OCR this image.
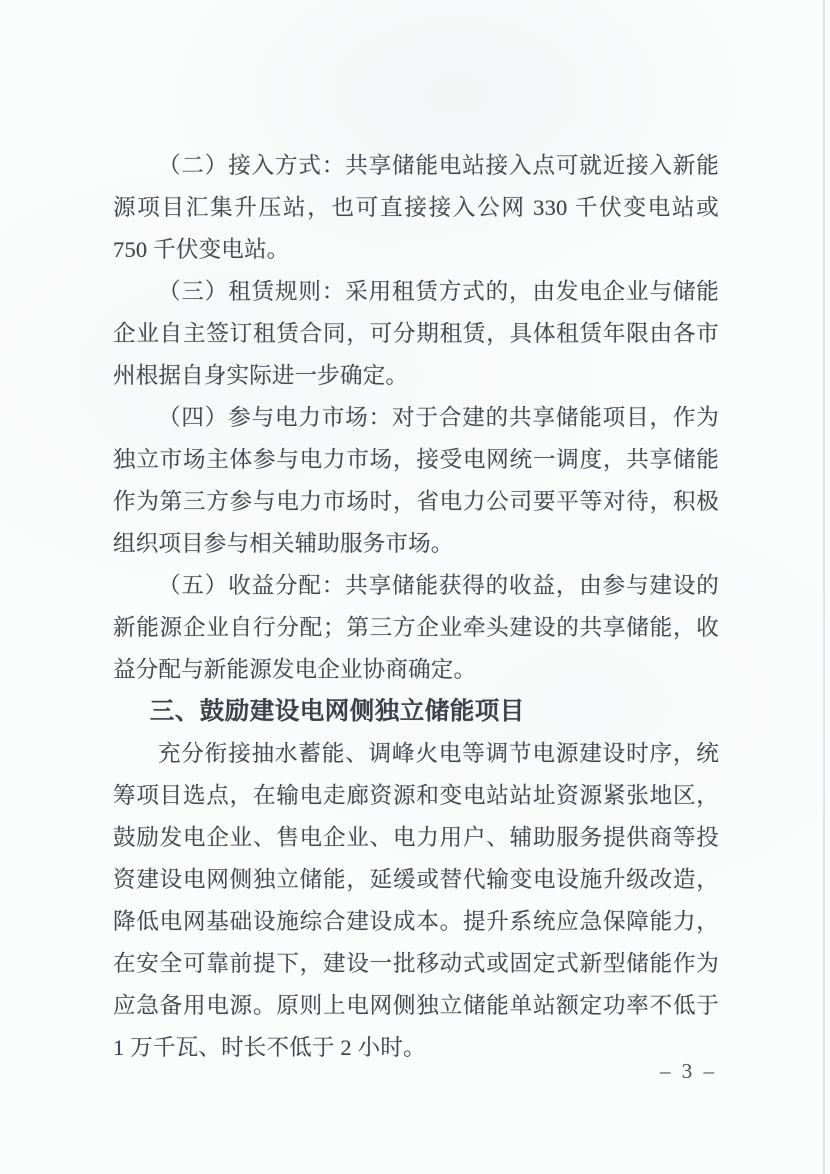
（二）接入方式：共享储能电站接入点可就近接入新能源项目汇集升压站，也可直接接入公网 330 千伏变电站或 750 千伏变电站。

（三）租赁规则：采用租赁方式的，由发电企业与储能企业自主签订租赁合同，可分期租赁，具体租赁年限由各市州根据自身实际进一步确定。

（四）参与电力市场：对于合建的共享储能项目，作为独立市场主体参与电力市场，接受电网统一调度，共享储能作为第三方参与电力市场时，省电力公司要平等对待，积极组织项目参与相关辅助服务市场。

（五）收益分配：共享储能获得的收益，由参与建设的新能源企业自行分配；第三方企业牵头建设的共享储能，收益分配与新能源发电企业协商确定。

三、鼓励建设电网侧独立储能项目

充分衔接抽水蓄能、调峰火电等调节电源建设时序，统筹项目选点，在输电走廊资源和变电站站址资源紧张地区，鼓励发电企业、售电企业、电力用户、辅助服务提供商等投资建设电网侧独立储能，延缓或替代输变电设施升级改造，降低电网基础设施综合建设成本。提升系统应急保障能力，在安全可靠前提下，建设一批移动式或固定式新型储能作为应急备用电源。原则上电网侧独立储能单站额定功率不低于 1 万千瓦、时长不低于 2 小时。

– 3 –
